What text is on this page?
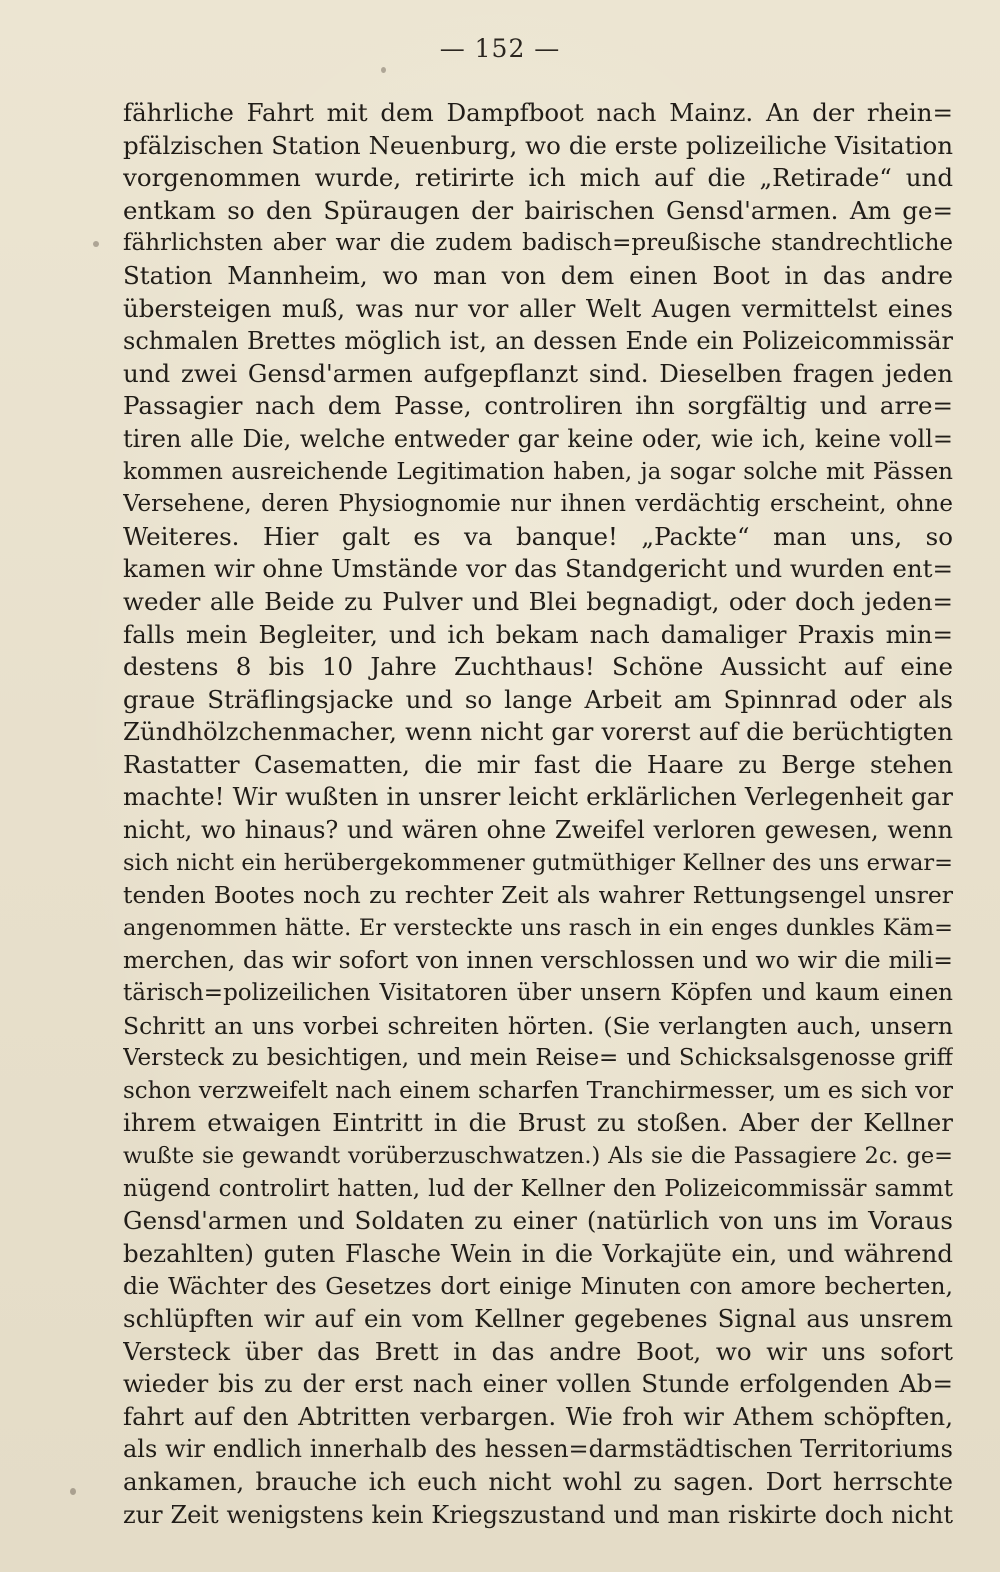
— 152 —
fährliche Fahrt mit dem Dampfboot nach Mainz. An der rhein=
pfälzischen Station Neuenburg, wo die erste polizeiliche Visitation
vorgenommen wurde, retirirte ich mich auf die „Retirade“ und
entkam so den Spüraugen der bairischen Gensd'armen. Am ge=
fährlichsten aber war die zudem badisch=preußische standrechtliche
Station Mannheim, wo man von dem einen Boot in das andre
übersteigen muß, was nur vor aller Welt Augen vermittelst eines
schmalen Brettes möglich ist, an dessen Ende ein Polizeicommissär
und zwei Gensd'armen aufgepflanzt sind. Dieselben fragen jeden
Passagier nach dem Passe, controliren ihn sorgfältig und arre=
tiren alle Die, welche entweder gar keine oder, wie ich, keine voll=
kommen ausreichende Legitimation haben, ja sogar solche mit Pässen
Versehene, deren Physiognomie nur ihnen verdächtig erscheint, ohne
Weiteres. Hier galt es va banque! „Packte“ man uns, so
kamen wir ohne Umstände vor das Standgericht und wurden ent=
weder alle Beide zu Pulver und Blei begnadigt, oder doch jeden=
falls mein Begleiter, und ich bekam nach damaliger Praxis min=
destens 8 bis 10 Jahre Zuchthaus! Schöne Aussicht auf eine
graue Sträflingsjacke und so lange Arbeit am Spinnrad oder als
Zündhölzchenmacher, wenn nicht gar vorerst auf die berüchtigten
Rastatter Casematten, die mir fast die Haare zu Berge stehen
machte! Wir wußten in unsrer leicht erklärlichen Verlegenheit gar
nicht, wo hinaus? und wären ohne Zweifel verloren gewesen, wenn
sich nicht ein herübergekommener gutmüthiger Kellner des uns erwar=
tenden Bootes noch zu rechter Zeit als wahrer Rettungsengel unsrer
angenommen hätte. Er versteckte uns rasch in ein enges dunkles Käm=
merchen, das wir sofort von innen verschlossen und wo wir die mili=
tärisch=polizeilichen Visitatoren über unsern Köpfen und kaum einen
Schritt an uns vorbei schreiten hörten. (Sie verlangten auch, unsern
Versteck zu besichtigen, und mein Reise= und Schicksalsgenosse griff
schon verzweifelt nach einem scharfen Tranchirmesser, um es sich vor
ihrem etwaigen Eintritt in die Brust zu stoßen. Aber der Kellner
wußte sie gewandt vorüberzuschwatzen.) Als sie die Passagiere 2c. ge=
nügend controlirt hatten, lud der Kellner den Polizeicommissär sammt
Gensd'armen und Soldaten zu einer (natürlich von uns im Voraus
bezahlten) guten Flasche Wein in die Vorkajüte ein, und während
die Wächter des Gesetzes dort einige Minuten con amore becherten,
schlüpften wir auf ein vom Kellner gegebenes Signal aus unsrem
Versteck über das Brett in das andre Boot, wo wir uns sofort
wieder bis zu der erst nach einer vollen Stunde erfolgenden Ab=
fahrt auf den Abtritten verbargen. Wie froh wir Athem schöpften,
als wir endlich innerhalb des hessen=darmstädtischen Territoriums
ankamen, brauche ich euch nicht wohl zu sagen. Dort herrschte
zur Zeit wenigstens kein Kriegszustand und man riskirte doch nicht
